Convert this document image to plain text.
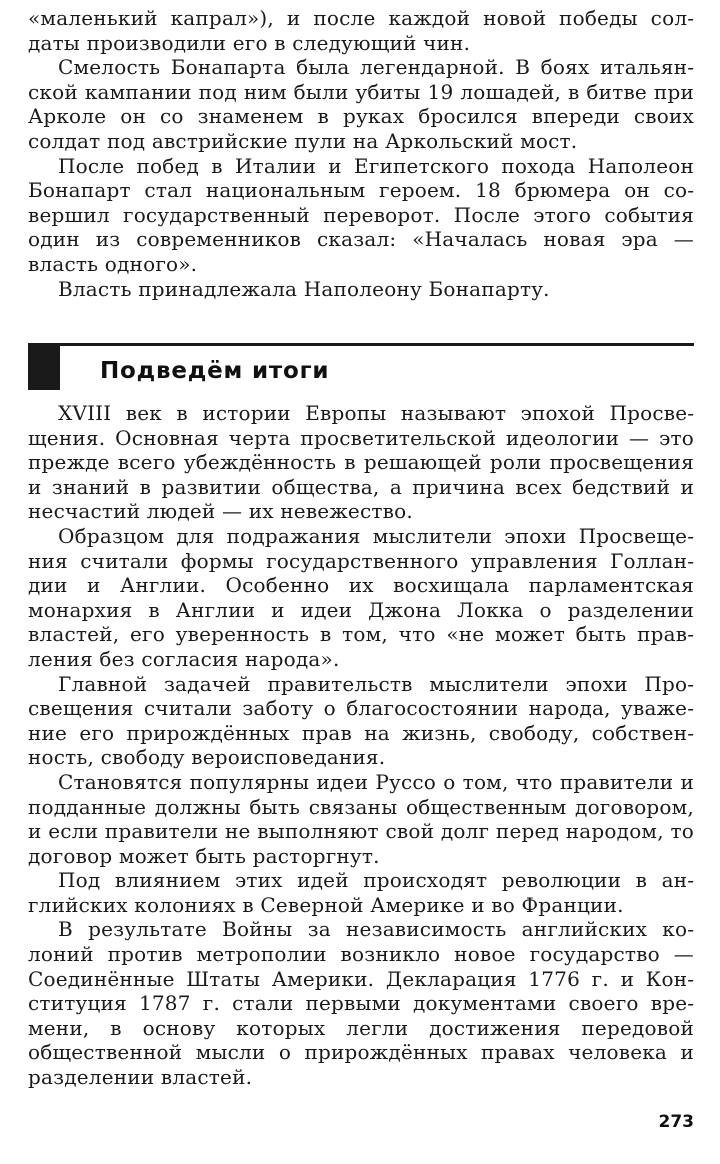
«маленький капрал»), и после каждой новой победы солдаты производили его в следующий чин.

Смелость Бонапарта была легендарной. В боях итальянской кампании под ним были убиты 19 лошадей, в битве при Арколе он со знаменем в руках бросился впереди своих солдат под австрийские пули на Аркольский мост.

После побед в Италии и Египетского похода Наполеон Бонапарт стал национальным героем. 18 брюмера он совершил государственный переворот. После этого события один из современников сказал: «Началась новая эра — власть одного».

Власть принадлежала Наполеону Бонапарту.

Подведём итоги

XVIII век в истории Европы называют эпохой Просвещения. Основная черта просветительской идеологии — это прежде всего убеждённость в решающей роли просвещения и знаний в развитии общества, а причина всех бедствий и несчастий людей — их невежество.

Образцом для подражания мыслители эпохи Просвещения считали формы государственного управления Голландии и Англии. Особенно их восхищала парламентская монархия в Англии и идеи Джона Локка о разделении властей, его уверенность в том, что «не может быть правления без согласия народа».

Главной задачей правительств мыслители эпохи Просвещения считали заботу о благосостоянии народа, уважение его прирождённых прав на жизнь, свободу, собственность, свободу вероисповедания.

Становятся популярны идеи Руссо о том, что правители и подданные должны быть связаны общественным договором, и если правители не выполняют свой долг перед народом, то договор может быть расторгнут.

Под влиянием этих идей происходят революции в английских колониях в Северной Америке и во Франции.

В результате Войны за независимость английских колоний против метрополии возникло новое государство — Соединённые Штаты Америки. Декларация 1776 г. и Конституция 1787 г. стали первыми документами своего времени, в основу которых легли достижения передовой общественной мысли о прирождённых правах человека и разделении властей.

273
